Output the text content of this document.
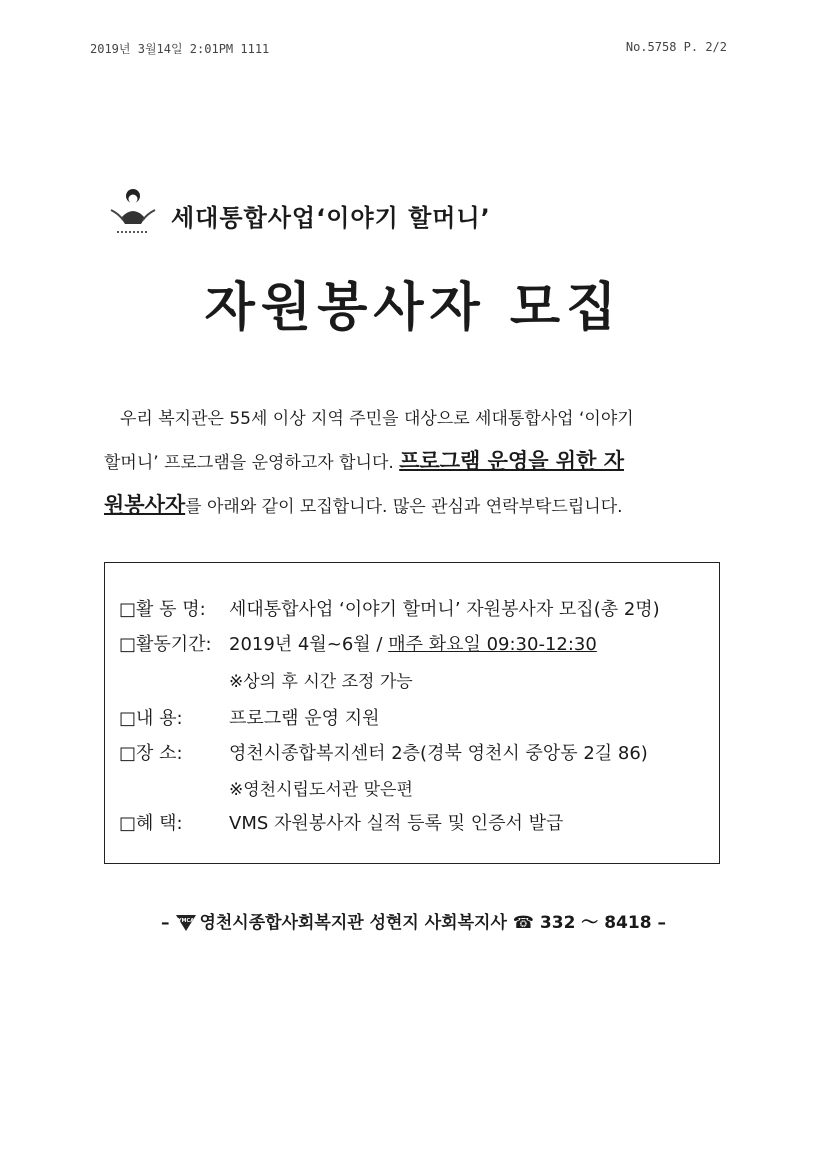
2019년 3월14일 2:01PM 1111	No.5758 P. 2/2
세대통합사업‘이야기 할머니’
자원봉사자 모집
우리 복지관은 55세 이상 지역 주민을 대상으로 세대통합사업 ‘이야기
할머니’ 프로그램을 운영하고자 합니다. 프로그램 운영을 위한 자
원봉사자를 아래와 같이 모집합니다. 많은 관심과 연락부탁드립니다.
□활 동 명: 세대통합사업 ‘이야기 할머니’ 자원봉사자 모집(총 2명)
□활동기간: 2019년 4월~6월 / 매주 화요일 09:30-12:30
※상의 후 시간 조정 가능
□내 용:	프로그램 운영 지원
□장 소:	영천시종합복지센터 2층(경북 영천시 중앙동 2길 86)
※영천시립도서관 맞은편
□혜 택:	VMS 자원봉사자 실적 등록 및 인증서 발급
– YMCA 영천시종합사회복지관 성현지 사회복지사 ☎ 332 ～ 8418 –
